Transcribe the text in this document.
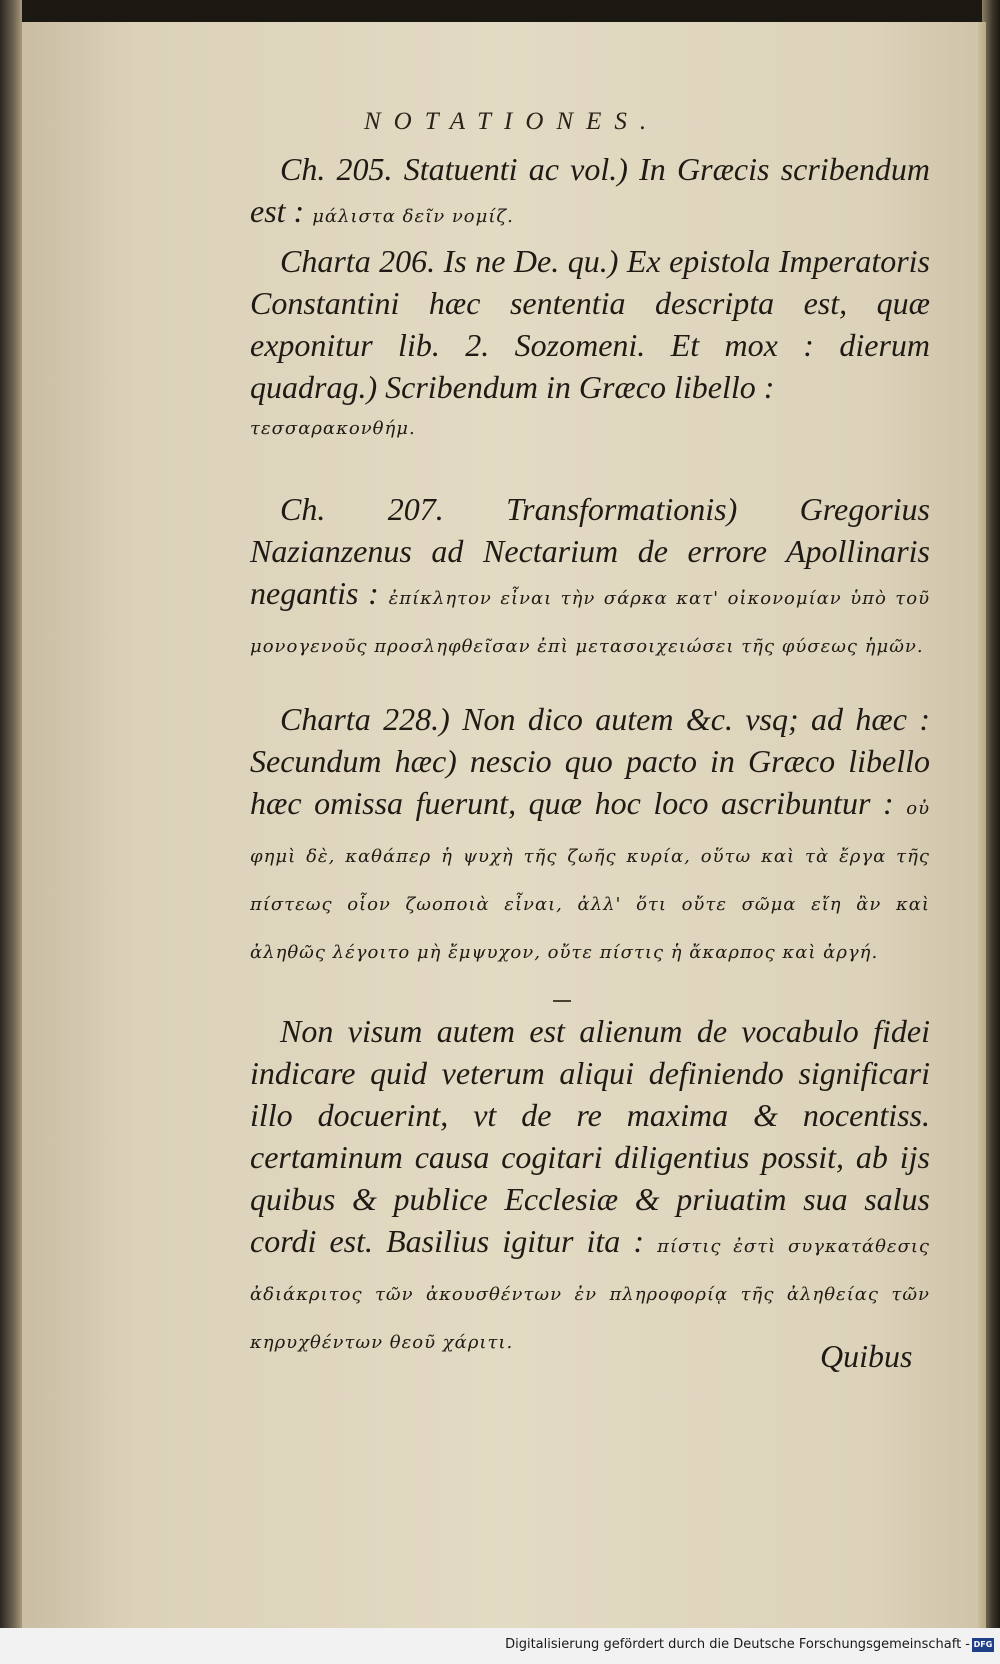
NOTATIONES.

Ch. 205. Statuenti ac vol.) In Græcis scribendum est : μάλιστα δεῖν νομίζ.

Charta 206. Is ne De. qu.) Ex epistola Imperatoris Constantini hæc sententia descripta est, quæ exponitur lib. 2. Sozomeni. Et mox : dierum quadrag.) Scribendum in Græco libello :
τεσσαρακονθήμ.

Ch. 207. Transformationis) Gregorius Nazianzenus ad Nectarium de errore Apollinaris negantis : ἐπίκλητον εἶναι τὴν σάρκα κατ' οἰκονομίαν ὑπὸ τοῦ μονογενοῦς προσληφθεῖσαν ἐπὶ μετασοιχειώσει τῆς φύσεως ἡμῶν.

Charta 228.) Non dico autem &c. vsq; ad hæc : Secundum hæc) nescio quo pacto in Græco libello hæc omissa fuerunt, quæ hoc loco ascribuntur : οὐ φημὶ δὲ, καθάπερ ἡ ψυχὴ τῆς ζωῆς κυρία, οὕτω καὶ τὰ ἔργα τῆς πίστεως οἷον ζωοποιὰ εἶναι, ἀλλ' ὅτι οὔτε σῶμα εἴη ἂν καὶ ἀληθῶς λέγοιτο μὴ ἔμψυχον, οὔτε πίστις ἡ ἄκαρπος καὶ ἀργή.

Non visum autem est alienum de vocabulo fidei indicare quid veterum aliqui definiendo significari illo docuerint, vt de re maxima & nocentiss. certaminum causa cogitari diligentius possit, ab ijs quibus & publice Ecclesiæ & priuatim sua salus cordi est. Basilius igitur ita : πίστις ἐστὶ συγκατάθεσις ἀδιάκριτος τῶν ἀκουσθέντων ἐν πληροφορίᾳ τῆς ἀληθείας τῶν κηρυχθέντων θεοῦ χάριτι.	Quibus
Digitalisierung gefördert durch die Deutsche Forschungsgemeinschaft - DFG
